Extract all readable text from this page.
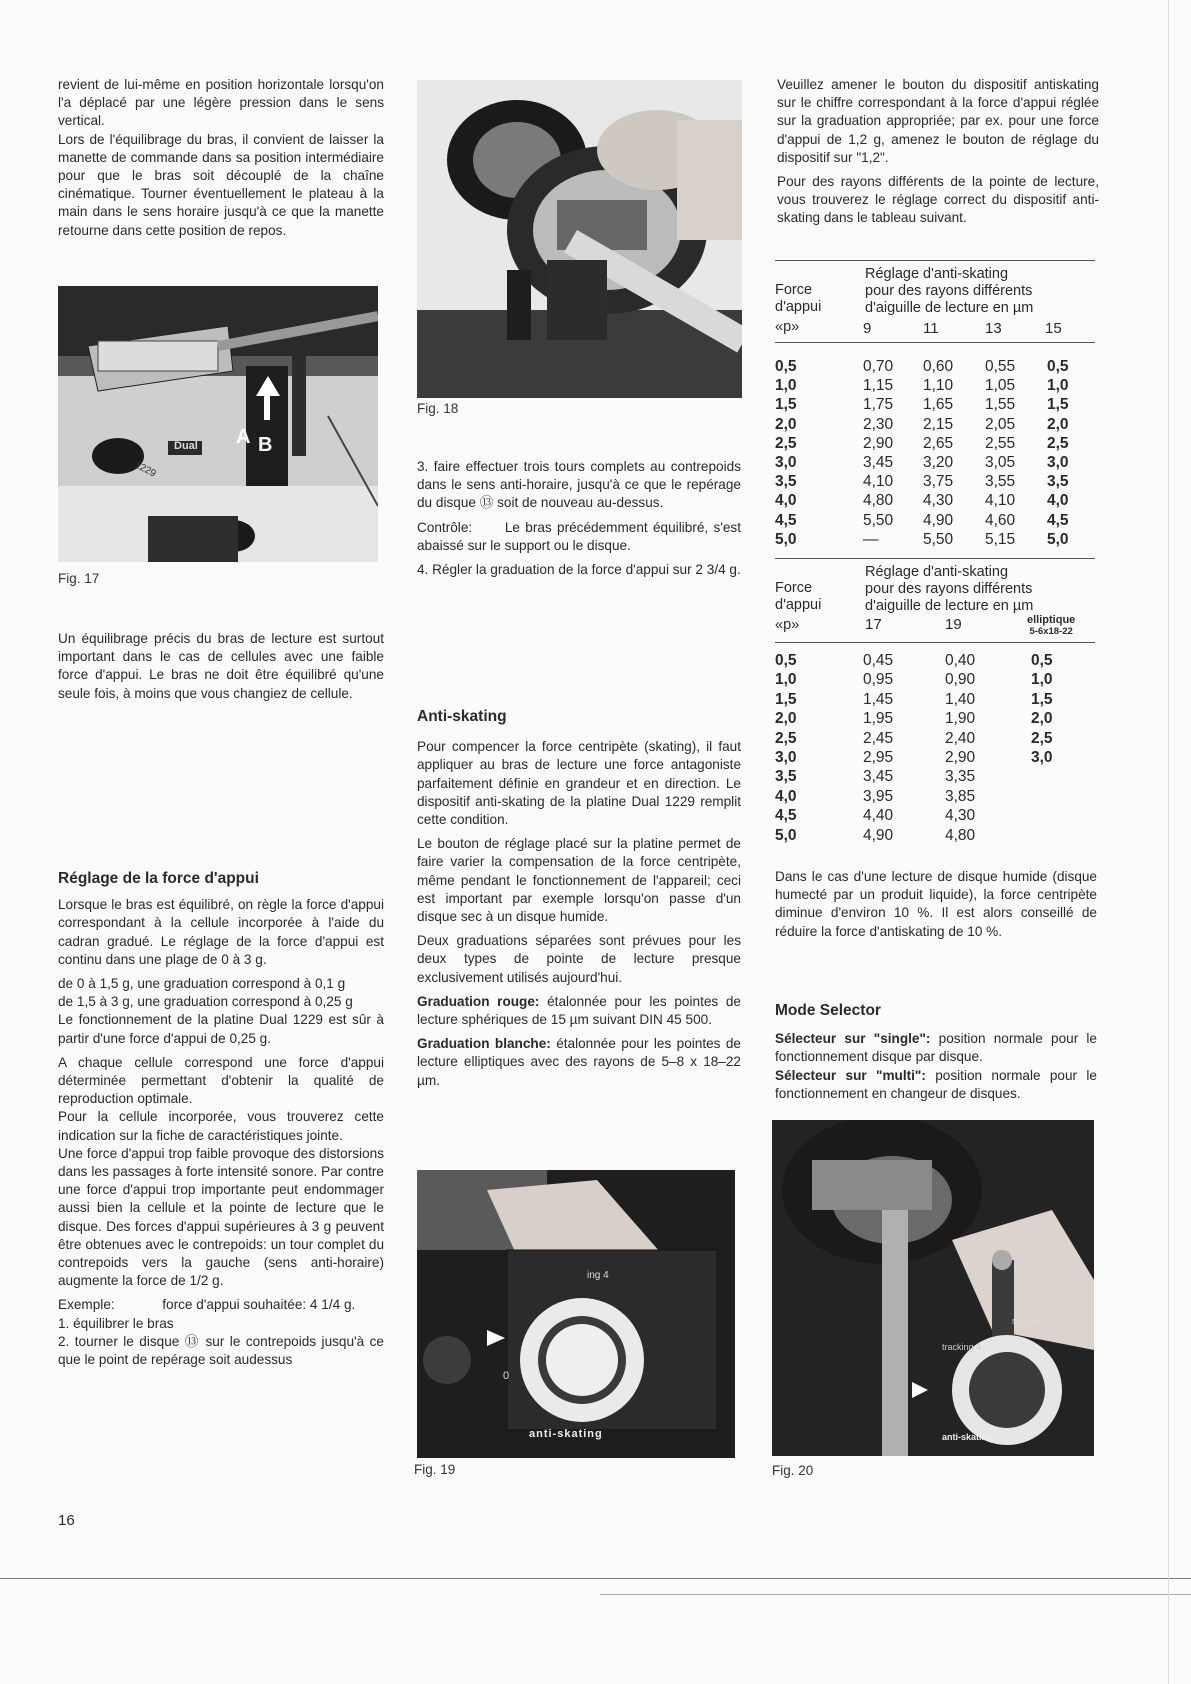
revient de lui-même en position horizontale lorsqu'on l'a déplacé par une légère pression dans le sens vertical.

Lors de l'équilibrage du bras, il convient de laisser la manette de commande dans sa position intermédiaire pour que le bras soit découplé de la chaîne cinématique. Tourner éventuellement le plateau à la main dans le sens horaire jusqu'à ce que la manette retourne dans cette position de repos.

A B
Dual
1229
Fig. 17

Un équilibrage précis du bras de lecture est surtout important dans le cas de cellules avec une faible force d'appui. Le bras ne doit être équilibré qu'une seule fois, à moins que vous changiez de cellule.

Réglage de la force d'appui

Lorsque le bras est équilibré, on règle la force d'appui correspondant à la cellule incorporée à l'aide du cadran gradué. Le réglage de la force d'appui est continu dans une plage de 0 à 3 g.

de 0 à 1,5 g, une graduation correspond à 0,1 g

de 1,5 à 3 g, une graduation correspond à 0,25 g

Le fonctionnement de la platine Dual 1229 est sûr à partir d'une force d'appui de 0,25 g.

A chaque cellule correspond une force d'appui déterminée permettant d'obtenir la qualité de reproduction optimale.

Pour la cellule incorporée, vous trouverez cette indication sur la fiche de caractéristiques jointe.

Une force d'appui trop faible provoque des distorsions dans les passages à forte intensité sonore. Par contre une force d'appui trop importante peut endommager aussi bien la cellule et la pointe de lecture que le disque. Des forces d'appui supérieures à 3 g peuvent être obtenues avec le contrepoids: un tour complet du contrepoids vers la gauche (sens anti-horaire) augmente la force de 1/2 g.

Exemple:	force d'appui souhaitée: 4 1/4 g.

1. équilibrer le bras

2. tourner le disque ⑬ sur le contrepoids jusqu'à ce que le point de repérage soit audessus

Fig. 18

3. faire effectuer trois tours complets au contrepoids dans le sens anti-horaire, jusqu'à ce que le repérage du disque ⑬ soit de nouveau au-dessus.

Contrôle: Le bras précédemment équilibré, s'est abaissé sur le support ou le disque.

4. Régler la graduation de la force d'appui sur 2 3/4 g.

Anti-skating

Pour compencer la force centripète (skating), il faut appliquer au bras de lecture une force antagoniste parfaitement définie en grandeur et en direction. Le dispositif anti-skating de la platine Dual 1229 remplit cette condition.

Le bouton de réglage placé sur la platine permet de faire varier la compensation de la force centripète, même pendant le fonctionnement de l'appareil; ceci est important par exemple lorsqu'on passe d'un disque sec à un disque humide.

Deux graduations séparées sont prévues pour les deux types de pointe de lecture presque exclusivement utilisés aujourd'hui.

Graduation rouge: étalonnée pour les pointes de lecture sphériques de 15 µm suivant DIN 45 500.

Graduation blanche: étalonnée pour les pointes de lecture elliptiques avec des rayons de 5–8 x 18–22 µm.

ing 4
0
anti-skating
Fig. 19

Veuillez amener le bouton du dispositif antiskating sur le chiffre correspondant à la force d'appui réglée sur la graduation appropriée; par ex. pour une force d'appui de 1,2 g, amenez le bouton de réglage du dispositif sur "1,2".

Pour des rayons différents de la pointe de lecture, vous trouverez le réglage correct du dispositif anti-skating dans le tableau suivant.

Force
d'appui
«p»
Réglage d'anti-skating
pour des rayons différents
d'aiguille de lecture en µm
9	11	13	15
0,5	0,70 0,60 0,55 0,5
1,0	1,15 1,10 1,05 1,0
1,5	1,75 1,65 1,55 1,5
2,0	2,30 2,15 2,05 2,0
2,5	2,90 2,65 2,55 2,5
3,0	3,45 3,20 3,05 3,0
3,5	4,10 3,75 3,55 3,5
4,0	4,80 4,30 4,10 4,0
4,5	5,50 4,90 4,60 4,5
5,0	—	5,50 5,15 5,0
Force
d'appui
«p»
Réglage d'anti-skating
pour des rayons différents
d'aiguille de lecture en µm
17	19	elliptique
5-6x18-22
0,5	0,45	0,40	0,5
1,0	0,95	0,90	1,0
1,5	1,45	1,40	1,5
2,0	1,95	1,90	2,0
2,5	2,45	2,40	2,5
3,0	2,95	2,90	3,0
3,5	3,45	3,35
4,0	3,95	3,85
4,5	4,40	4,30
5,0	4,90	4,80

Dans le cas d'une lecture de disque humide (disque humecté par un produit liquide), la force centripète diminue d'environ 10 %. Il est alors conseillé de réduire la force d'antiskating de 10 %.

Mode Selector

Sélecteur sur "single": position normale pour le fonctionnement disque par disque.

Sélecteur sur "multi": position normale pour le fonctionnement en changeur de disques.

single
tracking 4
anti-skating
Fig. 20
16
